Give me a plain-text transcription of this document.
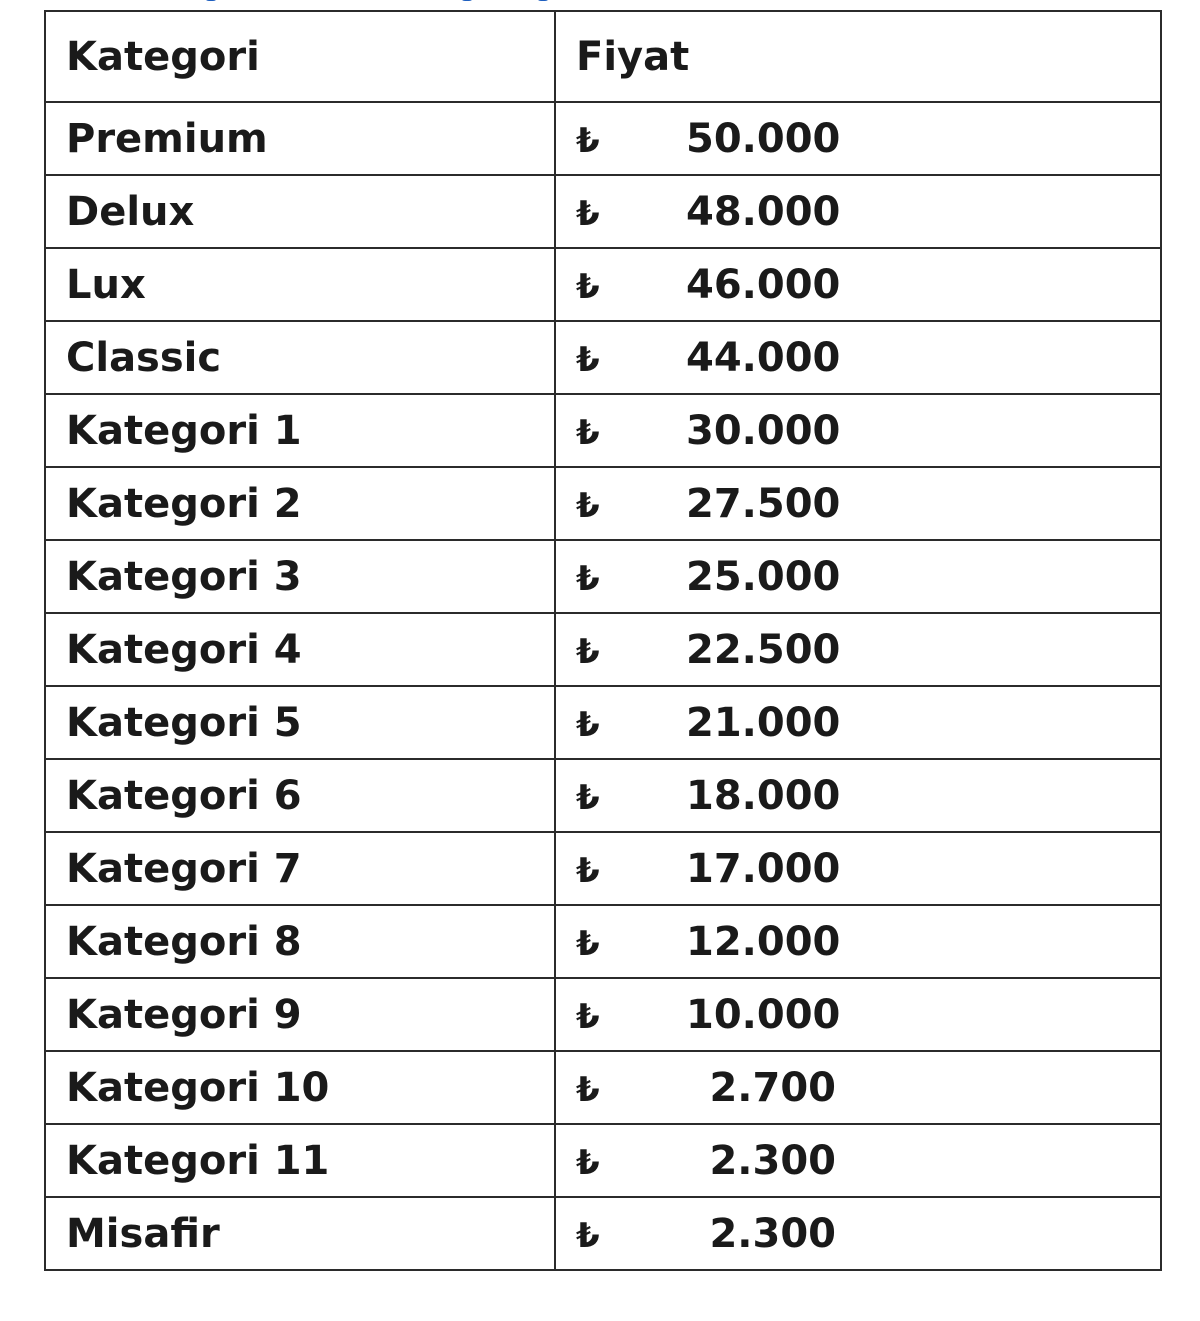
Kategori	Fiyat
Premium	₺ 50.000
Delux	₺ 48.000
Lux	₺ 46.000
Classic	₺ 44.000
Kategori 1	₺ 30.000
Kategori 2	₺ 27.500
Kategori 3	₺ 25.000
Kategori 4	₺ 22.500
Kategori 5	₺ 21.000
Kategori 6	₺ 18.000
Kategori 7	₺ 17.000
Kategori 8	₺ 12.000
Kategori 9	₺ 10.000
Kategori 10	₺ 2.700
Kategori 11	₺ 2.300
Misafir	₺ 2.300
